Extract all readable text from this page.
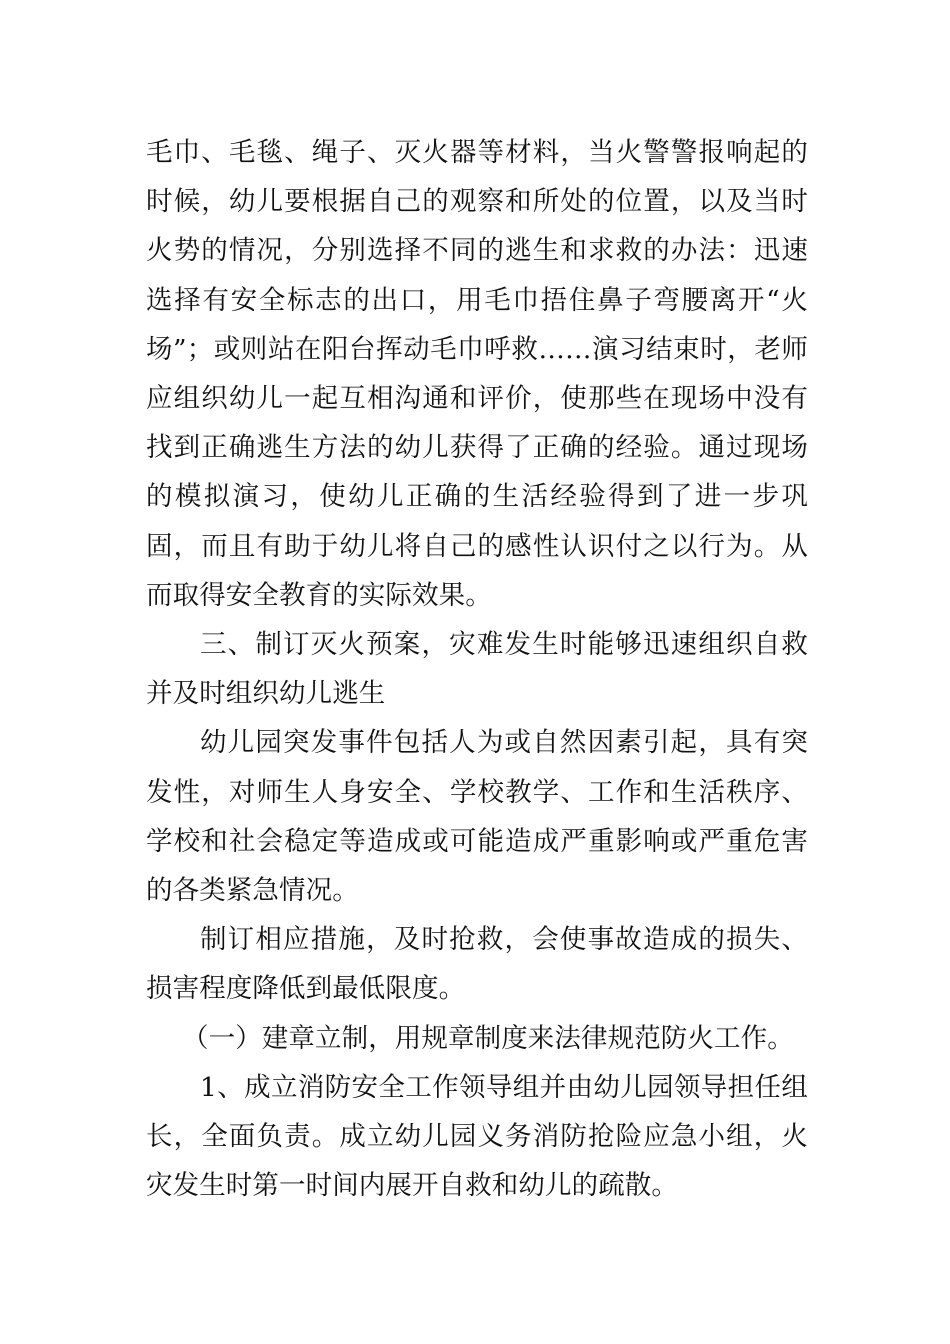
毛巾、毛毯、绳子、灭火器等材料，当火警警报响起的时候，幼儿要根据自己的观察和所处的位置，以及当时火势的情况，分别选择不同的逃生和求救的办法：迅速选择有安全标志的出口，用毛巾捂住鼻子弯腰离开“火场”；或则站在阳台挥动毛巾呼救……演习结束时，老师应组织幼儿一起互相沟通和评价，使那些在现场中没有找到正确逃生方法的幼儿获得了正确的经验。通过现场的模拟演习，使幼儿正确的生活经验得到了进一步巩固，而且有助于幼儿将自己的感性认识付之以行为。从而取得安全教育的实际效果。

三、制订灭火预案，灾难发生时能够迅速组织自救并及时组织幼儿逃生

幼儿园突发事件包括人为或自然因素引起，具有突发性，对师生人身安全、学校教学、工作和生活秩序、学校和社会稳定等造成或可能造成严重影响或严重危害的各类紧急情况。

制订相应措施，及时抢救，会使事故造成的损失、损害程度降低到最低限度。

（一）建章立制，用规章制度来法律规范防火工作。

1、成立消防安全工作领导组并由幼儿园领导担任组长，全面负责。成立幼儿园义务消防抢险应急小组，火灾发生时第一时间内展开自救和幼儿的疏散。
